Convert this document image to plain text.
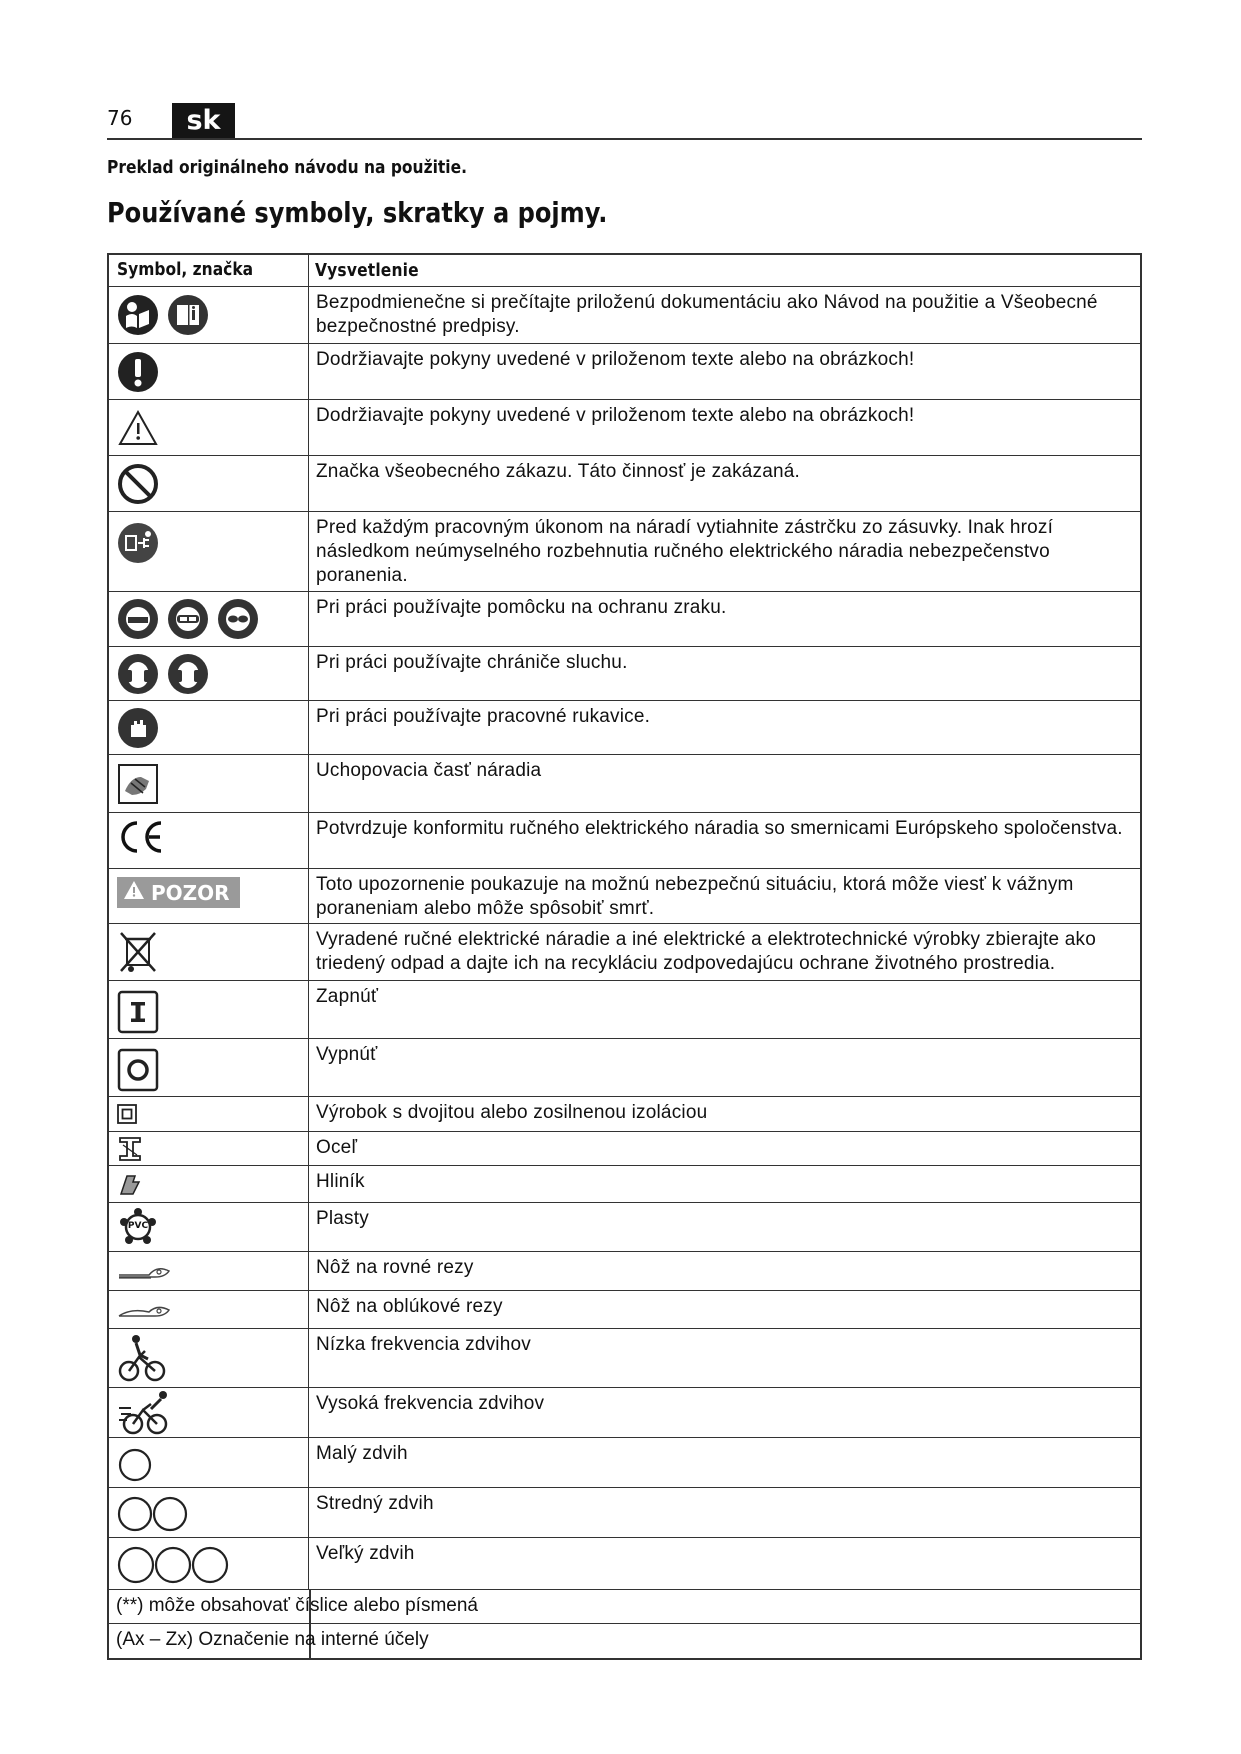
76	sk
Preklad originálneho návodu na použitie.
Používané symboly, skratky a pojmy.
Symbol, značka	Vysvetlenie
Bezpodmienečne si prečítajte priloženú dokumentáciu ako Návod na použitie a Všeobecné bezpečnostné predpisy.
Dodržiavajte pokyny uvedené v priloženom texte alebo na obrázkoch!
Dodržiavajte pokyny uvedené v priloženom texte alebo na obrázkoch!
Značka všeobecného zákazu. Táto činnosť je zakázaná.
Pred každým pracovným úkonom na náradí vytiahnite zástrčku zo zásuvky. Inak hrozí následkom neúmyselného rozbehnutia ručného elektrického náradia nebezpečenstvo poranenia.
Pri práci používajte pomôcku na ochranu zraku.
Pri práci používajte chrániče sluchu.
Pri práci používajte pracovné rukavice.
Uchopovacia časť náradia
Potvrdzuje konformitu ručného elektrického náradia so smernicami Európskeho spoločenstva.
POZOR	Toto upozornenie poukazuje na možnú nebezpečnú situáciu, ktorá môže viesť k vážnym poraneniam alebo môže spôsobiť smrť.
Vyradené ručné elektrické náradie a iné elektrické a elektrotechnické výrobky zbierajte ako triedený odpad a dajte ich na recykláciu zodpovedajúcu ochrane životného prostredia.
Zapnúť
Vypnúť
Výrobok s dvojitou alebo zosilnenou izoláciou
Oceľ
Hliník
PVC	Plasty
Nôž na rovné rezy
Nôž na oblúkové rezy
Nízka frekvencia zdvihov
Vysoká frekvencia zdvihov
Malý zdvih
Stredný zdvih
Veľký zdvih
(**) môže obsahovať číslice alebo písmená
(Ax – Zx) Označenie na interné účely
